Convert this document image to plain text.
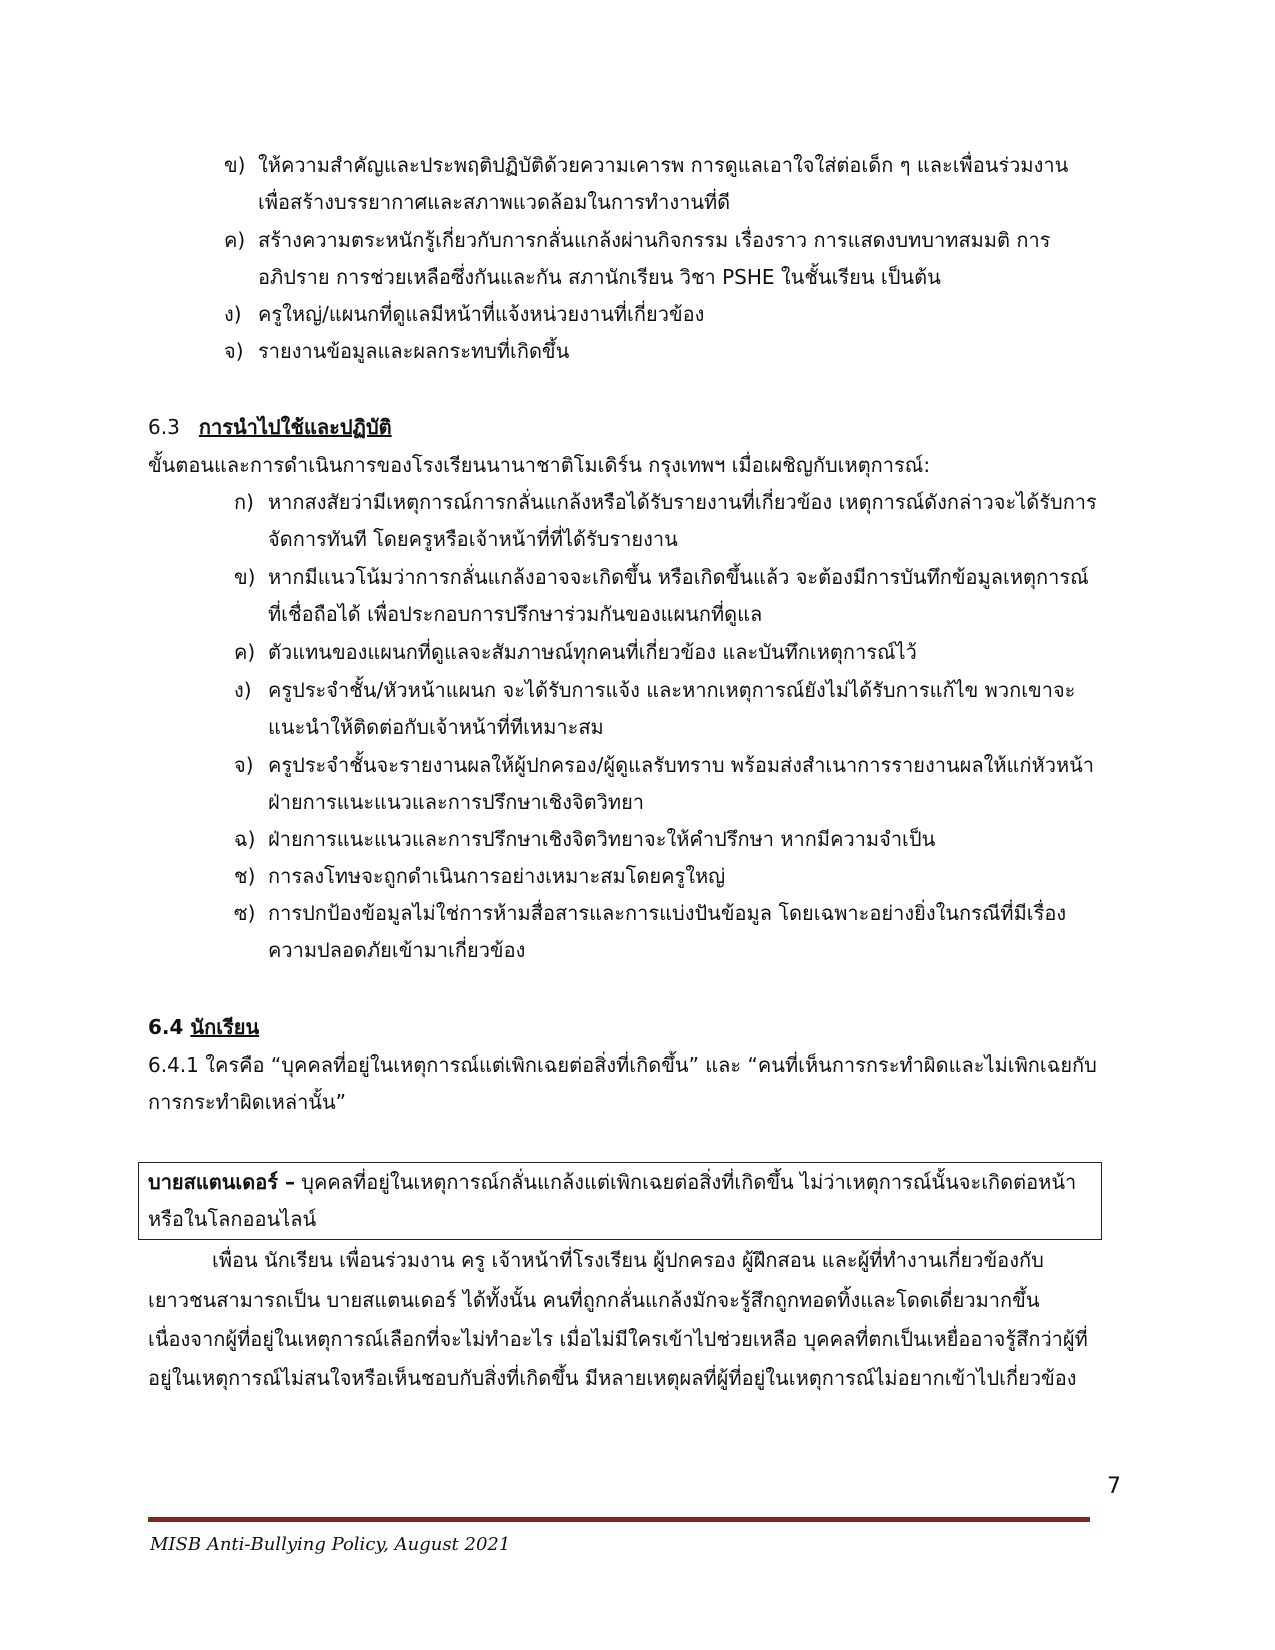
ข) ให้ความสำคัญและประพฤติปฏิบัติด้วยความเคารพ การดูแลเอาใจใส่ต่อเด็ก ๆ และเพื่อนร่วมงาน
เพื่อสร้างบรรยากาศและสภาพแวดล้อมในการทำงานที่ดี
ค) สร้างความตระหนักรู้เกี่ยวกับการกลั่นแกล้งผ่านกิจกรรม เรื่องราว การแสดงบทบาทสมมติ การ
อภิปราย การช่วยเหลือซึ่งกันและกัน สภานักเรียน วิชา PSHE ในชั้นเรียน เป็นต้น
ง) ครูใหญ่/แผนกที่ดูแลมีหน้าที่แจ้งหน่วยงานที่เกี่ยวข้อง
จ) รายงานข้อมูลและผลกระทบที่เกิดขึ้น
6.3 การนำไปใช้และปฏิบัติ
ขั้นตอนและการดำเนินการของโรงเรียนนานาชาติโมเดิร์น กรุงเทพฯ เมื่อเผชิญกับเหตุการณ์:
ก) หากสงสัยว่ามีเหตุการณ์การกลั่นแกล้งหรือได้รับรายงานที่เกี่ยวข้อง เหตุการณ์ดังกล่าวจะได้รับการ
จัดการทันที โดยครูหรือเจ้าหน้าที่ที่ได้รับรายงาน
ข) หากมีแนวโน้มว่าการกลั่นแกล้งอาจจะเกิดขึ้น หรือเกิดขึ้นแล้ว จะต้องมีการบันทึกข้อมูลเหตุการณ์
ที่เชื่อถือได้ เพื่อประกอบการปรึกษาร่วมกันของแผนกที่ดูแล
ค) ตัวแทนของแผนกที่ดูแลจะสัมภาษณ์ทุกคนที่เกี่ยวข้อง และบันทึกเหตุการณ์ไว้
ง) ครูประจำชั้น/หัวหน้าแผนก จะได้รับการแจ้ง และหากเหตุการณ์ยังไม่ได้รับการแก้ไข พวกเขาจะ
แนะนำให้ติดต่อกับเจ้าหน้าที่ทีเหมาะสม
จ) ครูประจำชั้นจะรายงานผลให้ผู้ปกครอง/ผู้ดูแลรับทราบ พร้อมส่งสำเนาการรายงานผลให้แก่หัวหน้า
ฝ่ายการแนะแนวและการปรึกษาเชิงจิตวิทยา
ฉ) ฝ่ายการแนะแนวและการปรึกษาเชิงจิตวิทยาจะให้คำปรึกษา หากมีความจำเป็น
ช) การลงโทษจะถูกดำเนินการอย่างเหมาะสมโดยครูใหญ่
ซ) การปกป้องข้อมูลไม่ใช่การห้ามสื่อสารและการแบ่งปันข้อมูล โดยเฉพาะอย่างยิ่งในกรณีที่มีเรื่อง
ความปลอดภัยเข้ามาเกี่ยวข้อง
6.4 นักเรียน
6.4.1 ใครคือ “บุคคลที่อยู่ในเหตุการณ์แต่เพิกเฉยต่อสิ่งที่เกิดขึ้น” และ “คนที่เห็นการกระทำผิดและไม่เพิกเฉยกับ
การกระทำผิดเหล่านั้น”
บายสแตนเดอร์ – บุคคลที่อยู่ในเหตุการณ์กลั่นแกล้งแต่เพิกเฉยต่อสิ่งที่เกิดขึ้น ไม่ว่าเหตุการณ์นั้นจะเกิดต่อหน้า
หรือในโลกออนไลน์
เพื่อน นักเรียน เพื่อนร่วมงาน ครู เจ้าหน้าที่โรงเรียน ผู้ปกครอง ผู้ฝึกสอน และผู้ที่ทำงานเกี่ยวข้องกับ
เยาวชนสามารถเป็น บายสแตนเดอร์ ได้ทั้งนั้น คนที่ถูกกลั่นแกล้งมักจะรู้สึกถูกทอดทิ้งและโดดเดี่ยวมากขึ้น
เนื่องจากผู้ที่อยู่ในเหตุการณ์เลือกที่จะไม่ทำอะไร เมื่อไม่มีใครเข้าไปช่วยเหลือ บุคคลที่ตกเป็นเหยื่ออาจรู้สึกว่าผู้ที่
อยู่ในเหตุการณ์ไม่สนใจหรือเห็นชอบกับสิ่งที่เกิดขึ้น มีหลายเหตุผลที่ผู้ที่อยู่ในเหตุการณ์ไม่อยากเข้าไปเกี่ยวข้อง
7
MISB Anti-Bullying Policy, August 2021
